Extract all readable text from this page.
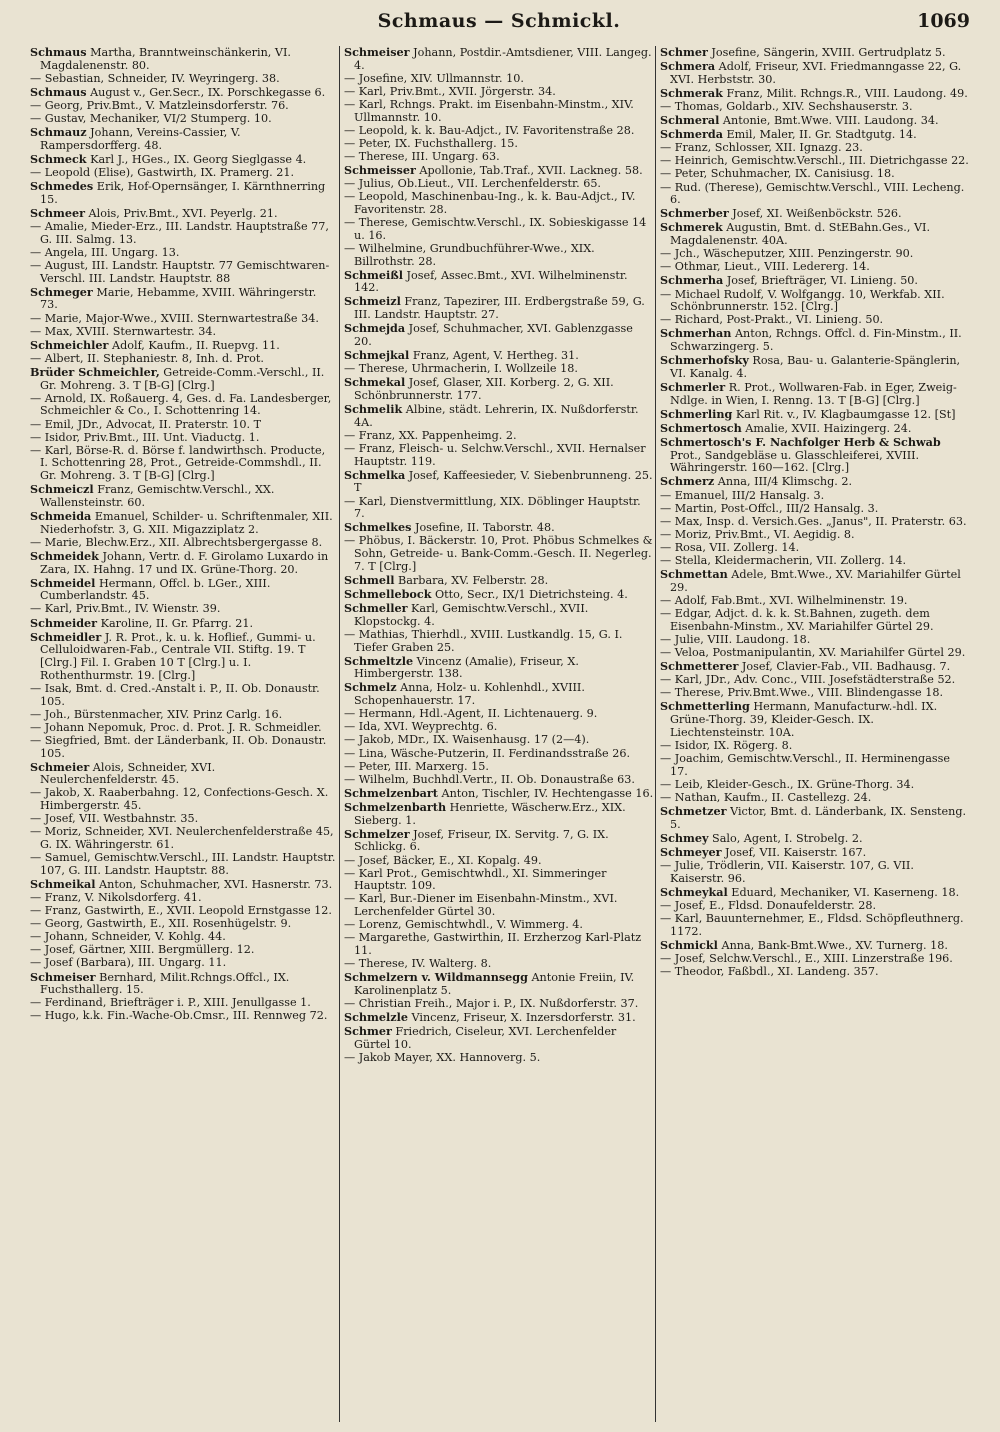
Schmaus — Schmickl.	1069
Schmaus Martha, Branntweinschänkerin, VI. Magdalenenstr. 80.
— Sebastian, Schneider, IV. Weyringerg. 38.
Schmaus August v., Ger.Secr., IX. Porschkegasse 6.
— Georg, Priv.Bmt., V. Matzleinsdorferstr. 76.
— Gustav, Mechaniker, VI/2 Stumperg. 10.
Schmauz Johann, Vereins-Cassier, V. Rampersdorfferg. 48.
Schmeck Karl J., HGes., IX. Georg Sieglgasse 4.
— Leopold (Elise), Gastwirth, IX. Pramerg. 21.
Schmedes Erik, Hof-Opernsänger, I. Kärnthnerring 15.
Schmeer Alois, Priv.Bmt., XVI. Peyerlg. 21.
— Amalie, Mieder-Erz., III. Landstr. Hauptstraße 77, G. III. Salmg. 13.
— Angela, III. Ungarg. 13.
— August, III. Landstr. Hauptstr. 77 Gemischtwaren-Verschl. III. Landstr. Hauptstr. 88
Schmeger Marie, Hebamme, XVIII. Währingerstr. 73.
— Marie, Major-Wwe., XVIII. Sternwartestraße 34.
— Max, XVIII. Sternwartestr. 34.
Schmeichler Adolf, Kaufm., II. Ruepvg. 11.
— Albert, II. Stephaniestr. 8, Inh. d. Prot.
Brüder Schmeichler, Getreide-Comm.-Verschl., II. Gr. Mohreng. 3. T [B-G] [Clrg.]
— Arnold, IX. Roßauerg. 4, Ges. d. Fa. Landesberger, Schmeichler & Co., I. Schottenring 14.
— Emil, JDr., Advocat, II. Praterstr. 10. T
— Isidor, Priv.Bmt., III. Unt. Viaductg. 1.
— Karl, Börse-R. d. Börse f. landwirthsch. Producte, I. Schottenring 28, Prot., Getreide-Commshdl., II. Gr. Mohreng. 3. T [B-G] [Clrg.]
Schmeiczl Franz, Gemischtw.Verschl., XX. Wallensteinstr. 60.
Schmeida Emanuel, Schilder- u. Schriftenmaler, XII. Niederhofstr. 3, G. XII. Migazziplatz 2.
— Marie, Blechw.Erz., XII. Albrechtsbergergasse 8.
Schmeidek Johann, Vertr. d. F. Girolamo Luxardo in Zara, IX. Hahng. 17 und IX. Grüne-Thorg. 20.
Schmeidel Hermann, Offcl. b. LGer., XIII. Cumberlandstr. 45.
— Karl, Priv.Bmt., IV. Wienstr. 39.
Schmeider Karoline, II. Gr. Pfarrg. 21.
Schmeidler J. R. Prot., k. u. k. Hoflief., Gummi- u. Celluloidwaren-Fab., Centrale VII. Stiftg. 19. T [Clrg.] Fil. I. Graben 10 T [Clrg.] u. I. Rothenthurmstr. 19. [Clrg.]
— Isak, Bmt. d. Cred.-Anstalt i. P., II. Ob. Donaustr. 105.
— Joh., Bürstenmacher, XIV. Prinz Carlg. 16.
— Johann Nepomuk, Proc. d. Prot. J. R. Schmeidler.
— Siegfried, Bmt. der Länderbank, II. Ob. Donaustr. 105.
Schmeier Alois, Schneider, XVI. Neulerchenfelderstr. 45.
— Jakob, X. Raaberbahng. 12, Confections-Gesch. X. Himbergerstr. 45.
— Josef, VII. Westbahnstr. 35.
— Moriz, Schneider, XVI. Neulerchenfelderstraße 45, G. IX. Währingerstr. 61.
— Samuel, Gemischtw.Verschl., III. Landstr. Hauptstr. 107, G. III. Landstr. Hauptstr. 88.
Schmeikal Anton, Schuhmacher, XVI. Hasnerstr. 73.
— Franz, V. Nikolsdorferg. 41.
— Franz, Gastwirth, E., XVII. Leopold Ernstgasse 12.
— Georg, Gastwirth, E., XII. Rosenhügelstr. 9.
— Johann, Schneider, V. Kohlg. 44.
— Josef, Gärtner, XIII. Bergmüllerg. 12.
— Josef (Barbara), III. Ungarg. 11.
Schmeiser Bernhard, Milit.Rchngs.Offcl., IX. Fuchsthallerg. 15.
— Ferdinand, Briefträger i. P., XIII. Jenullgasse 1.
— Hugo, k.k. Fin.-Wache-Ob.Cmsr., III. Rennweg 72.
Schmeiser Johann, Postdir.-Amtsdiener, VIII. Langeg. 4.
— Josefine, XIV. Ullmannstr. 10.
— Karl, Priv.Bmt., XVII. Jörgerstr. 34.
— Karl, Rchngs. Prakt. im Eisenbahn-Minstm., XIV. Ullmannstr. 10.
— Leopold, k. k. Bau-Adjct., IV. Favoritenstraße 28.
— Peter, IX. Fuchsthallerg. 15.
— Therese, III. Ungarg. 63.
Schmeisser Apollonie, Tab.Traf., XVII. Lackneg. 58.
— Julius, Ob.Lieut., VII. Lerchenfelderstr. 65.
— Leopold, Maschinenbau-Ing., k. k. Bau-Adjct., IV. Favoritenstr. 28.
— Therese, Gemischtw.Verschl., IX. Sobieskigasse 14 u. 16.
— Wilhelmine, Grundbuchführer-Wwe., XIX. Billrothstr. 28.
Schmeißl Josef, Assec.Bmt., XVI. Wilhelminenstr. 142.
Schmeizl Franz, Tapezirer, III. Erdbergstraße 59, G. III. Landstr. Hauptstr. 27.
Schmejda Josef, Schuhmacher, XVI. Gablenzgasse 20.
Schmejkal Franz, Agent, V. Hertheg. 31.
— Therese, Uhrmacherin, I. Wollzeile 18.
Schmekal Josef, Glaser, XII. Korberg. 2, G. XII. Schönbrunnerstr. 177.
Schmelik Albine, städt. Lehrerin, IX. Nußdorferstr. 4A.
— Franz, XX. Pappenheimg. 2.
— Franz, Fleisch- u. Selchw.Verschl., XVII. Hernalser Hauptstr. 119.
Schmelka Josef, Kaffeesieder, V. Siebenbrunneng. 25. T
— Karl, Dienstvermittlung, XIX. Döblinger Hauptstr. 7.
Schmelkes Josefine, II. Taborstr. 48.
— Phöbus, I. Bäckerstr. 10, Prot. Phöbus Schmelkes & Sohn, Getreide- u. Bank-Comm.-Gesch. II. Negerleg. 7. T [Clrg.]
Schmell Barbara, XV. Felberstr. 28.
Schmellebock Otto, Secr., IX/1 Dietrichsteing. 4.
Schmeller Karl, Gemischtw.Verschl., XVII. Klopstockg. 4.
— Mathias, Thierhdl., XVIII. Lustkandlg. 15, G. I. Tiefer Graben 25.
Schmeltzle Vincenz (Amalie), Friseur, X. Himbergerstr. 138.
Schmelz Anna, Holz- u. Kohlenhdl., XVIII. Schopenhauerstr. 17.
— Hermann, Hdl.-Agent, II. Lichtenauerg. 9.
— Ida, XVI. Weyprechtg. 6.
— Jakob, MDr., IX. Waisenhausg. 17 (2—4).
— Lina, Wäsche-Putzerin, II. Ferdinandsstraße 26.
— Peter, III. Marxerg. 15.
— Wilhelm, Buchhdl.Vertr., II. Ob. Donaustraße 63.
Schmelzenbart Anton, Tischler, IV. Hechtengasse 16.
Schmelzenbarth Henriette, Wäscherw.Erz., XIX. Sieberg. 1.
Schmelzer Josef, Friseur, IX. Servitg. 7, G. IX. Schlickg. 6.
— Josef, Bäcker, E., XI. Kopalg. 49.
— Karl Prot., Gemischtwhdl., XI. Simmeringer Hauptstr. 109.
— Karl, Bur.-Diener im Eisenbahn-Minstm., XVI. Lerchenfelder Gürtel 30.
— Lorenz, Gemischtwhdl., V. Wimmerg. 4.
— Margarethe, Gastwirthin, II. Erzherzog Karl-Platz 11.
— Therese, IV. Walterg. 8.
Schmelzern v. Wildmannsegg Antonie Freiin, IV. Karolinenplatz 5.
— Christian Freih., Major i. P., IX. Nußdorferstr. 37.
Schmelzle Vincenz, Friseur, X. Inzersdorferstr. 31.
Schmer Friedrich, Ciseleur, XVI. Lerchenfelder Gürtel 10.
— Jakob Mayer, XX. Hannoverg. 5.
Schmer Josefine, Sängerin, XVIII. Gertrudplatz 5.
Schmera Adolf, Friseur, XVI. Friedmanngasse 22, G. XVI. Herbststr. 30.
Schmerak Franz, Milit. Rchngs.R., VIII. Laudong. 49.
— Thomas, Goldarb., XIV. Sechshauserstr. 3.
Schmeral Antonie, Bmt.Wwe. VIII. Laudong. 34.
Schmerda Emil, Maler, II. Gr. Stadtgutg. 14.
— Franz, Schlosser, XII. Ignazg. 23.
— Heinrich, Gemischtw.Verschl., III. Dietrichgasse 22.
— Peter, Schuhmacher, IX. Canisiusg. 18.
— Rud. (Therese), Gemischtw.Verschl., VIII. Lecheng. 6.
Schmerber Josef, XI. Weißenböckstr. 526.
Schmerek Augustin, Bmt. d. StEBahn.Ges., VI. Magdalenenstr. 40A.
— Jch., Wäscheputzer, XIII. Penzingerstr. 90.
— Othmar, Lieut., VIII. Ledererg. 14.
Schmerha Josef, Briefträger, VI. Linieng. 50.
— Michael Rudolf, V. Wolfgangg. 10, Werkfab. XII. Schönbrunnerstr. 152. [Clrg.]
— Richard, Post-Prakt., VI. Linieng. 50.
Schmerhan Anton, Rchngs. Offcl. d. Fin-Minstm., II. Schwarzingerg. 5.
Schmerhofsky Rosa, Bau- u. Galanterie-Spänglerin, VI. Kanalg. 4.
Schmerler R. Prot., Wollwaren-Fab. in Eger, Zweig-Ndlge. in Wien, I. Renng. 13. T [B-G] [Clrg.]
Schmerling Karl Rit. v., IV. Klagbaumgasse 12. [St]
Schmertosch Amalie, XVII. Haizingerg. 24.
Schmertosch's F. Nachfolger Herb & Schwab Prot., Sandgebläse u. Glasschleiferei, XVIII. Währingerstr. 160—162. [Clrg.]
Schmerz Anna, III/4 Klimschg. 2.
— Emanuel, III/2 Hansalg. 3.
— Martin, Post-Offcl., III/2 Hansalg. 3.
— Max, Insp. d. Versich.Ges. „Janus", II. Praterstr. 63.
— Moriz, Priv.Bmt., VI. Aegidig. 8.
— Rosa, VII. Zollerg. 14.
— Stella, Kleidermacherin, VII. Zollerg. 14.
Schmettan Adele, Bmt.Wwe., XV. Mariahilfer Gürtel 29.
— Adolf, Fab.Bmt., XVI. Wilhelminenstr. 19.
— Edgar, Adjct. d. k. k. St.Bahnen, zugeth. dem Eisenbahn-Minstm., XV. Mariahilfer Gürtel 29.
— Julie, VIII. Laudong. 18.
— Veloa, Postmanipulantin, XV. Mariahilfer Gürtel 29.
Schmetterer Josef, Clavier-Fab., VII. Badhausg. 7.
— Karl, JDr., Adv. Conc., VIII. Josefstädterstraße 52.
— Therese, Priv.Bmt.Wwe., VIII. Blindengasse 18.
Schmetterling Hermann, Manufacturw.-hdl. IX. Grüne-Thorg. 39, Kleider-Gesch. IX. Liechtensteinstr. 10A.
— Isidor, IX. Rögerg. 8.
— Joachim, Gemischtw.Verschl., II. Herminengasse 17.
— Leib, Kleider-Gesch., IX. Grüne-Thorg. 34.
— Nathan, Kaufm., II. Castellezg. 24.
Schmetzer Victor, Bmt. d. Länderbank, IX. Sensteng. 5.
Schmey Salo, Agent, I. Strobelg. 2.
Schmeyer Josef, VII. Kaiserstr. 167.
— Julie, Trödlerin, VII. Kaiserstr. 107, G. VII. Kaiserstr. 96.
Schmeykal Eduard, Mechaniker, VI. Kaserneng. 18.
— Josef, E., Fldsd. Donaufelderstr. 28.
— Karl, Bauunternehmer, E., Fldsd. Schöpfleuthnerg. 1172.
Schmickl Anna, Bank-Bmt.Wwe., XV. Turnerg. 18.
— Josef, Selchw.Verschl., E., XIII. Linzerstraße 196.
— Theodor, Faßbdl., XI. Landeng. 357.
